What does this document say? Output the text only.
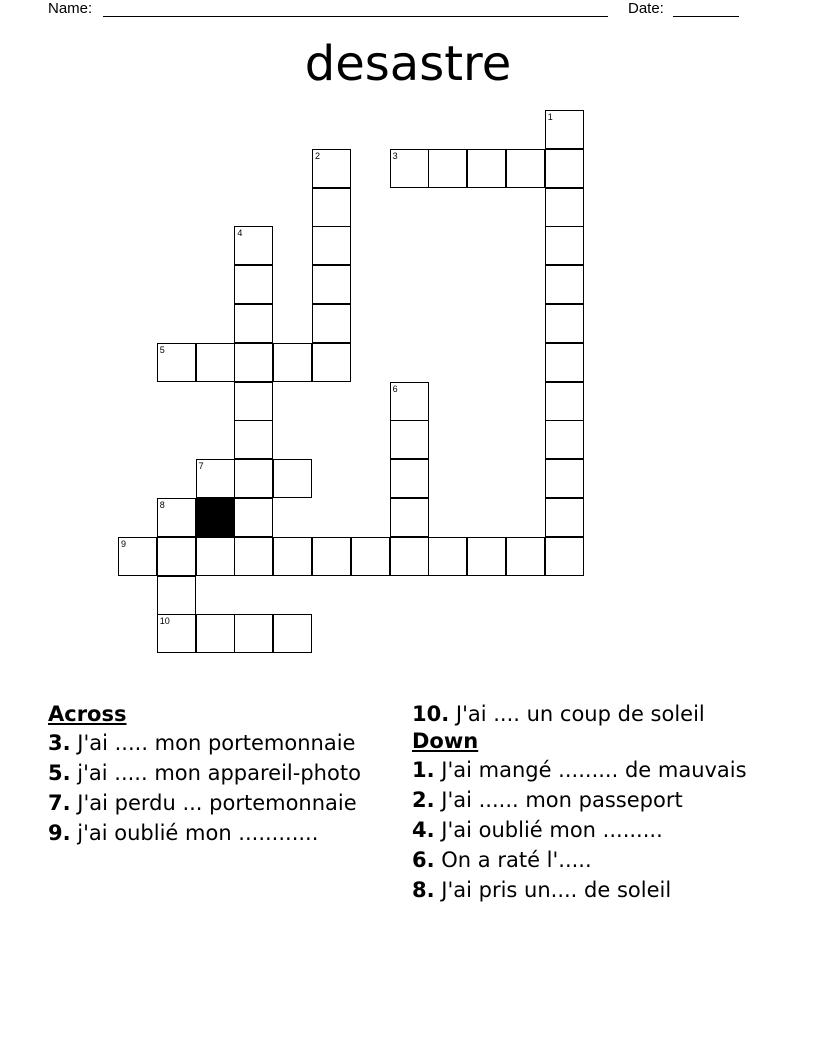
Name:	Date:
desastre
1
2	3
4
5
6
7
8
9
10
Across
3. J'ai ..... mon portemonnaie
5. j'ai ..... mon appareil-photo
7. J'ai perdu ... portemonnaie
9. j'ai oublié mon ............
10. J'ai .... un coup de soleil
Down
1. J'ai mangé ......... de mauvais
2. J'ai ...... mon passeport
4. J'ai oublié mon .........
6. On a raté l'.....
8. J'ai pris un.... de soleil
